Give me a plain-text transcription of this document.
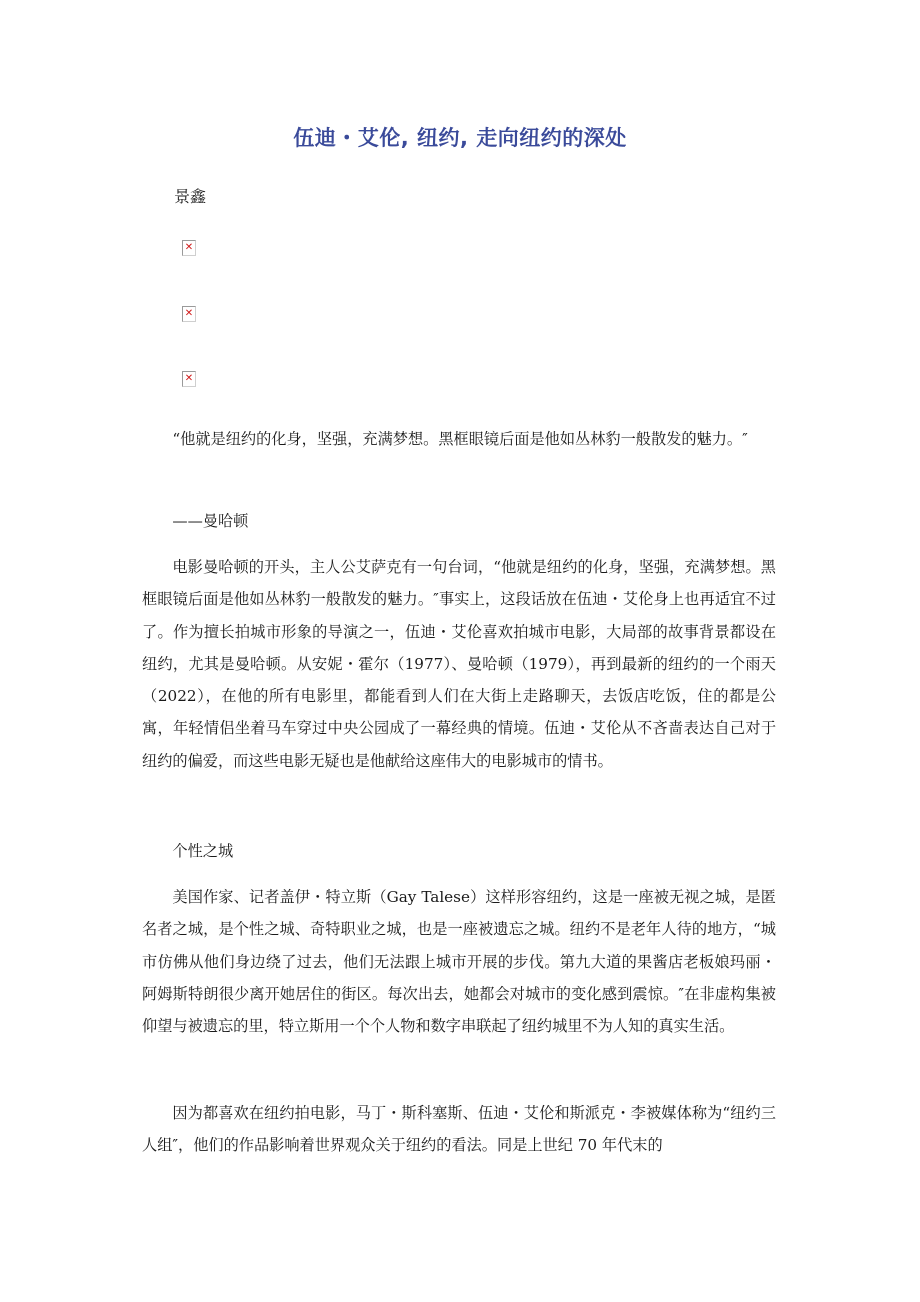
伍迪・艾伦, 纽约, 走向纽约的深处
景鑫
✕
✕
✕

“他就是纽约的化身，坚强，充满梦想。黑框眼镜后面是他如丛林豹一般散发的魅力。″

——曼哈顿

电影曼哈顿的开头，主人公艾萨克有一句台词，“他就是纽约的化身，坚强，充满梦想。黑框眼镜后面是他如丛林豹一般散发的魅力。″事实上，这段话放在伍迪・艾伦身上也再适宜不过了。作为擅长拍城市形象的导演之一，伍迪・艾伦喜欢拍城市电影，大局部的故事背景都设在纽约，尤其是曼哈顿。从安妮・霍尔（1977）、曼哈顿（1979），再到最新的纽约的一个雨天（2022），在他的所有电影里，都能看到人们在大街上走路聊天，去饭店吃饭，住的都是公寓，年轻情侣坐着马车穿过中央公园成了一幕经典的情境。伍迪・艾伦从不吝啬表达自己对于纽约的偏爱，而这些电影无疑也是他献给这座伟大的电影城市的情书。

个性之城

美国作家、记者盖伊・特立斯（Gay Talese）这样形容纽约，这是一座被无视之城，是匿名者之城，是个性之城、奇特职业之城，也是一座被遗忘之城。纽约不是老年人待的地方，“城市仿佛从他们身边绕了过去，他们无法跟上城市开展的步伐。第九大道的果酱店老板娘玛丽・阿姆斯特朗很少离开她居住的街区。每次出去，她都会对城市的变化感到震惊。″在非虚构集被仰望与被遗忘的里，特立斯用一个个人物和数字串联起了纽约城里不为人知的真实生活。

因为都喜欢在纽约拍电影，马丁・斯科塞斯、伍迪・艾伦和斯派克・李被媒体称为“纽约三人组″，他们的作品影响着世界观众关于纽约的看法。同是上世纪 70 年代末的
